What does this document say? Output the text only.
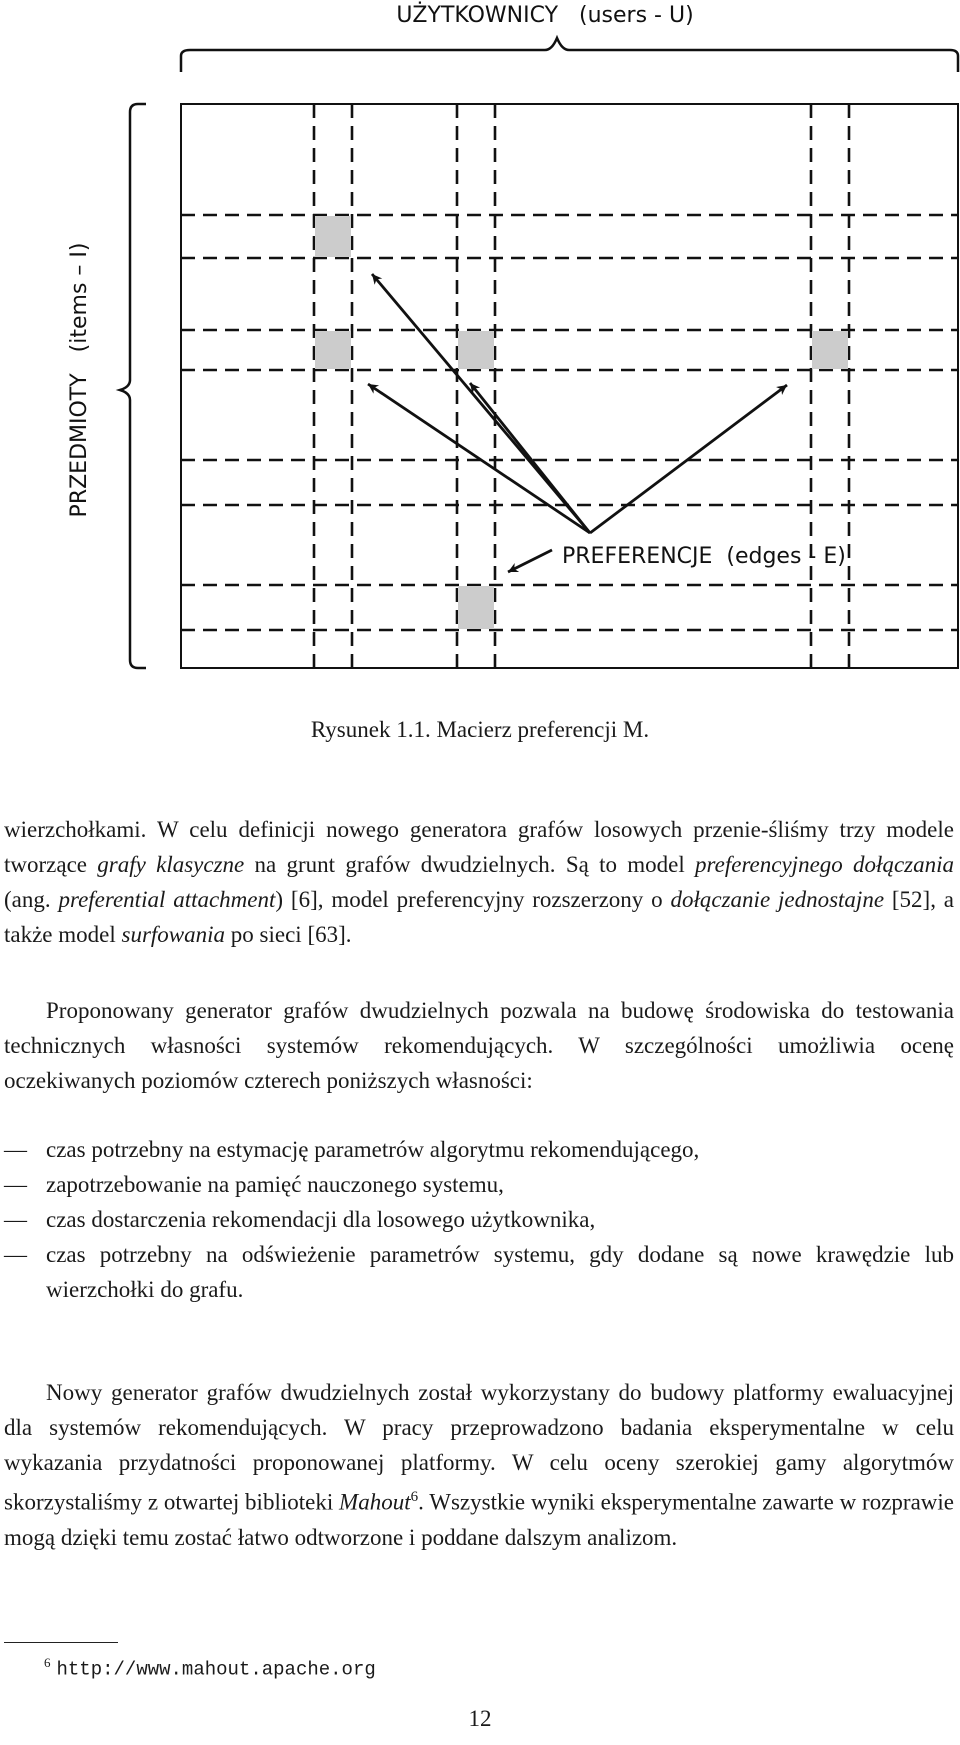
UŻYTKOWNICY   (users - U)
PRZEDMIOTY   (items – I)
PREFERENCJE  (edges - E)
Rysunek 1.1. Macierz preferencji M.

wierzchołkami. W celu definicji nowego generatora grafów losowych przenie-śliśmy trzy modele tworzące grafy klasyczne na grunt grafów dwudzielnych. Są to model preferencyjnego dołączania (ang. preferential attachment) [6], model preferencyjny rozszerzony o dołączanie jednostajne [52], a także model surfowania po sieci [63].

Proponowany generator grafów dwudzielnych pozwala na budowę środowiska do testowania technicznych własności systemów rekomendujących. W szczególności umożliwia ocenę oczekiwanych poziomów czterech poniższych własności:

— czas potrzebny na estymację parametrów algorytmu rekomendującego,
— zapotrzebowanie na pamięć nauczonego systemu,
— czas dostarczenia rekomendacji dla losowego użytkownika,
— czas potrzebny na odświeżenie parametrów systemu, gdy dodane są nowe krawędzie lub wierzchołki do grafu.

Nowy generator grafów dwudzielnych został wykorzystany do budowy platformy ewaluacyjnej dla systemów rekomendujących. W pracy przeprowadzono badania eksperymentalne w celu wykazania przydatności proponowanej platformy. W celu oceny szerokiej gamy algorytmów skorzystaliśmy z otwartej biblioteki Mahout$^6$. Wszystkie wyniki eksperymentalne zawarte w rozprawie mogą dzięki temu zostać łatwo odtworzone i poddane dalszym analizom.

$^6$ http://www.mahout.apache.org
12
